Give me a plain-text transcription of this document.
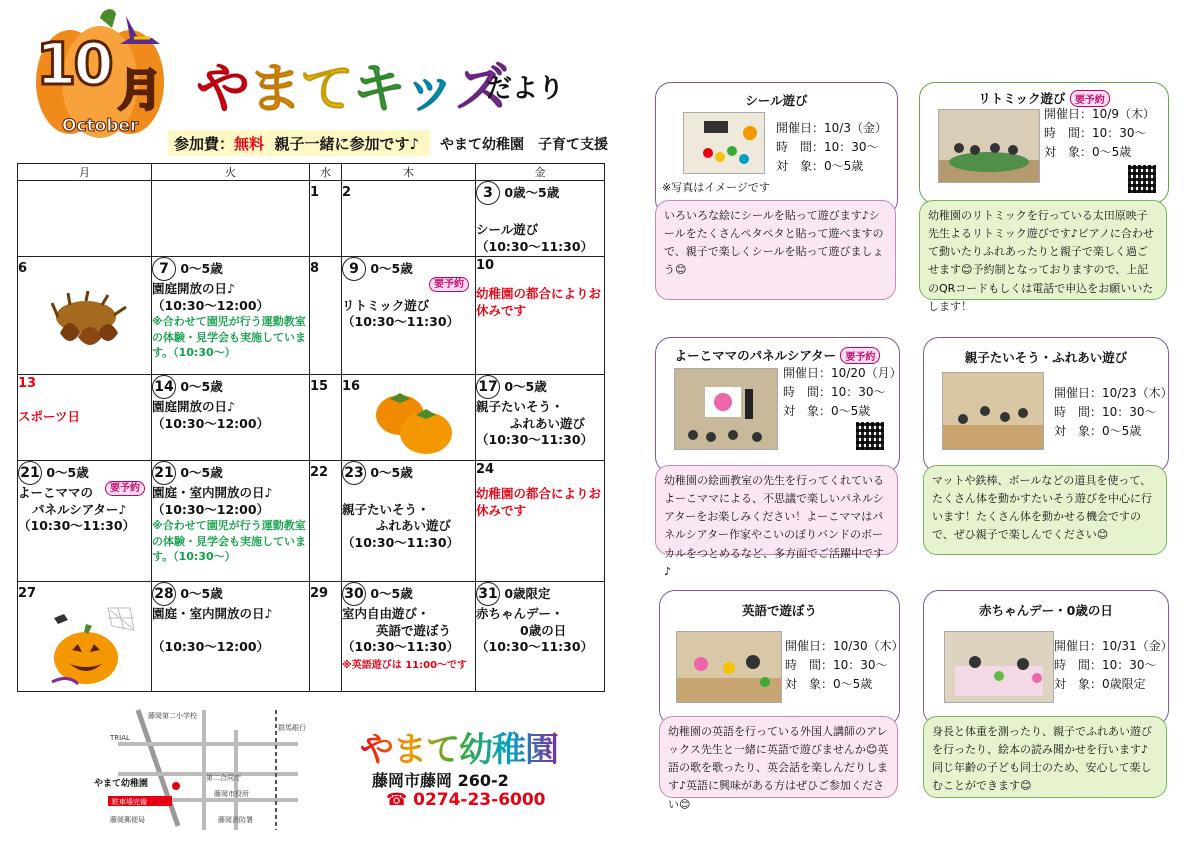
10 月
October
やまてキッズ
だより
参加費：無料 親子一緒に参加です♪ やまて幼稚園　子育て支援
月	火	水	木	金
		1	2	3 0歳～5歳

シール遊び
（10:30～11:30）
6	7 0～5歳
園庭開放の日♪
（10:30～12:00）

※合わせて園児が行う運動教室の体験・見学会も実施しています。（10:30～）	8	9 0～5歳

要予約

リトミック遊び
（10:30～11:30）	10

幼稚園の都合によりお休みです

13

スポーツ日	14 0～5歳
園庭開放の日♪
（10:30～12:00）	15	16	17 0～5歳
親子たいそう・
ふれあい遊び
（10:30～11:30）
21 0～5歳
要予約

よーこママの
パネルシアター♪
（10:30～11:30）	21 0～5歳
園庭・室内開放の日♪
（10:30～12:00）

※合わせて園児が行う運動教室の体験・見学会も実施しています。（10:30～）	22	23 0～5歳

親子たいそう・
ふれあい遊び
（10:30～11:30）	24

幼稚園の都合によりお休みです

27	28 0～5歳
園庭・室内開放の日♪

（10:30～12:00）	29	30 0～5歳
室内自由遊び・
英語で遊ぼう
（10:30～11:30）
※英語遊びは 11:00～です	31 0歳限定
赤ちゃんデー・
0歳の日
（10:30～11:30）
藤岡第二小学校
TRIAL
やまて幼稚園
駐車場完備
第二合同庁
藤岡市役所
藤岡郵便局
群馬銀行
藤岡消防署
やまて幼稚園
藤岡市藤岡 260-2
☎ 0274-23-6000
シール遊び
開催日：10/3（金）
時　間：10：30～
対　象：0～5歳
※写真はイメージです
いろいろな絵にシールを貼って遊びます♪シールをたくさんペタペタと貼って遊べますので、親子で楽しくシールを貼って遊びましょう😊
リトミック遊び 要予約
開催日：10/9（木）
時　間：10：30～
対　象：0～5歳
幼稚園のリトミックを行っている太田原映子先生よるリトミック遊びです♪ピアノに合わせて動いたりふれあったりと親子で楽しく過ごせます😊予約制となっておりますので、上記のQRコードもしくは電話で申込をお願いいたします！
よーこママのパネルシアター 要予約
開催日：10/20（月）
時　間：10：30～
対　象：0～5歳
幼稚園の絵画教室の先生を行ってくれているよーこママによる、不思議で楽しいパネルシアターをお楽しみください！よーこママはパネルシアター作家やこいのぼりバンドのボーカルをつとめるなど、多方面でご活躍中です♪
親子たいそう・ふれあい遊び
開催日：10/23（木）
時　間：10：30～
対　象：0～5歳
マットや鉄棒、ボールなどの道具を使って、たくさん体を動かすたいそう遊びを中心に行います！たくさん体を動かせる機会ですので、ぜひ親子で楽しんでください😊
英語で遊ぼう
開催日：10/30（木）
時　間：10：30～
対　象：0～5歳
幼稚園の英語を行っている外国人講師のアレックス先生と一緒に英語で遊びませんか😊英語の歌を歌ったり、英会話を楽しんだりします♪英語に興味がある方はぜひご参加ください😊
赤ちゃんデー・0歳の日
開催日：10/31（金）
時　間：10：30～
対　象：0歳限定
身長と体重を測ったり、親子でふれあい遊びを行ったり、絵本の読み聞かせを行います♪同じ年齢の子ども同士のため、安心して楽しむことができます😊
